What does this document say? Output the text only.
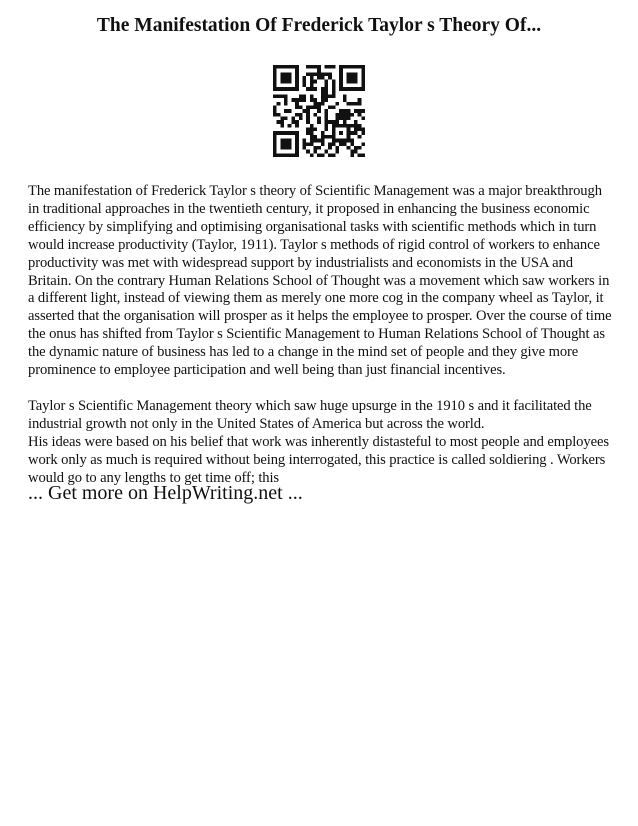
The Manifestation Of Frederick Taylor s Theory Of...

The manifestation of Frederick Taylor s theory of Scientific Management was a major breakthrough in traditional approaches in the twentieth century, it proposed in enhancing the business economic efficiency by simplifying and optimising organisational tasks with scientific methods which in turn would increase productivity (Taylor, 1911). Taylor s methods of rigid control of workers to enhance productivity was met with widespread support by industrialists and economists in the USA and Britain. On the contrary Human Relations School of Thought was a movement which saw workers in a different light, instead of viewing them as merely one more cog in the company wheel as Taylor, it asserted that the organisation will prosper as it helps the employee to prosper. Over the course of time the onus has shifted from Taylor s Scientific Management to Human Relations School of Thought as the dynamic nature of business has led to a change in the mind set of people and they give more prominence to employee participation and well being than just financial incentives.

Taylor s Scientific Management theory which saw huge upsurge in the 1910 s and it facilitated the industrial growth not only in the United States of America but across the world.

His ideas were based on his belief that work was inherently distasteful to most people and employees work only as much is required without being interrogated, this practice is called soldiering . Workers would go to any lengths to get time off; this

... Get more on HelpWriting.net ...
